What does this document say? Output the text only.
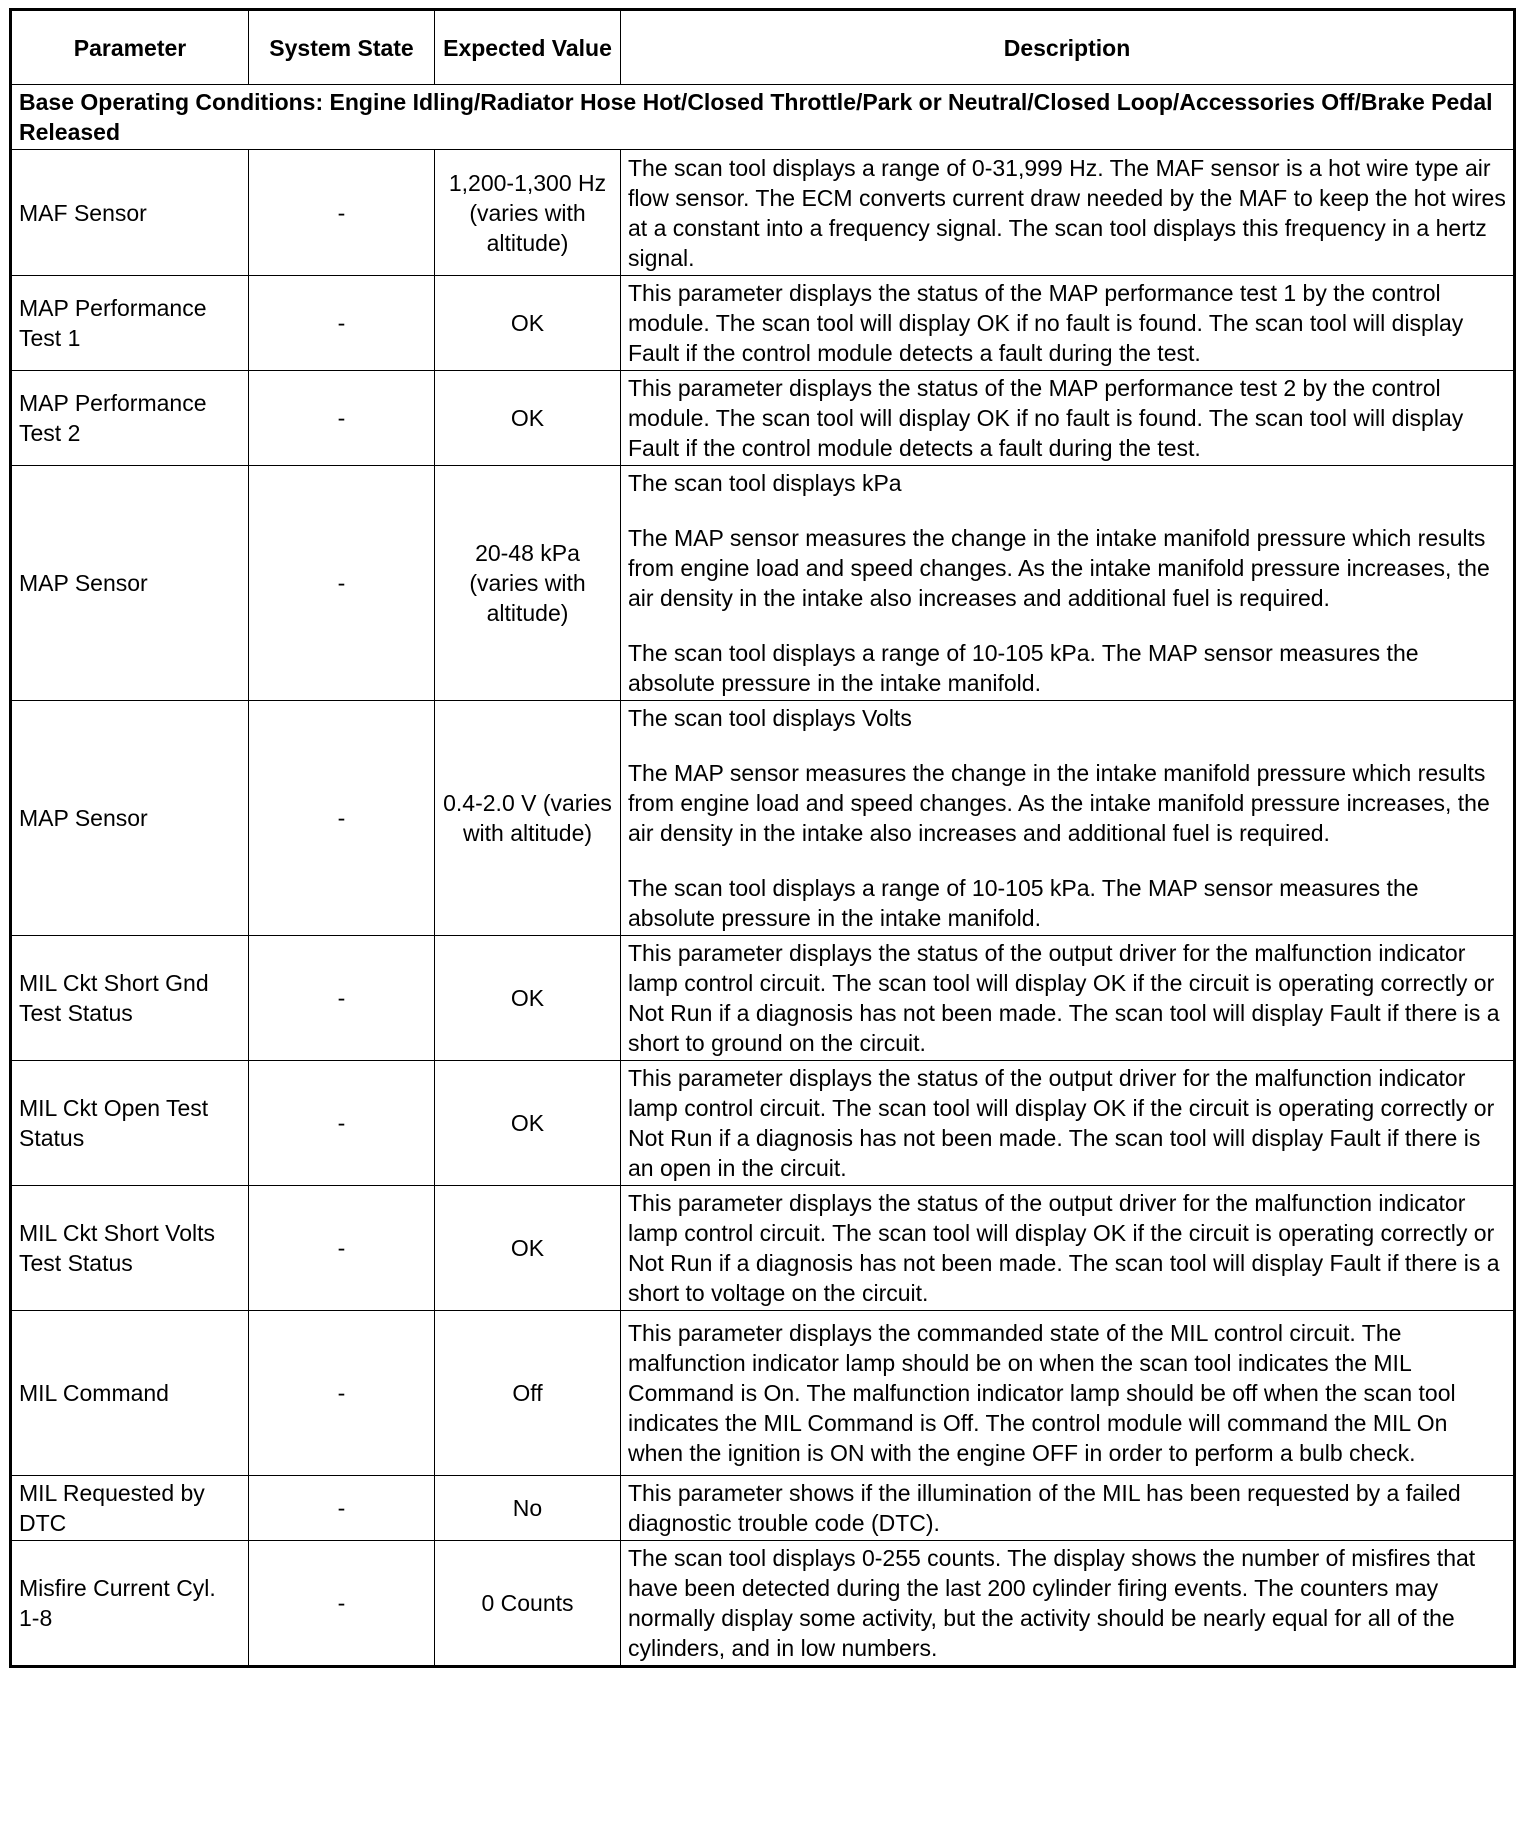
Parameter	System State	Expected Value	Description
Base Operating Conditions: Engine Idling/Radiator Hose Hot/Closed Throttle/Park or Neutral/Closed Loop/Accessories Off/Brake Pedal Released			
MAF Sensor	-	1,200-1,300 Hz (varies with altitude)	The scan tool displays a range of 0-31,999 Hz. The MAF sensor is a hot wire type air flow sensor. The ECM converts current draw needed by the MAF to keep the hot wires at a constant into a frequency signal. The scan tool displays this frequency in a hertz signal.

MAP Performance Test 1	-	OK	This parameter displays the status of the MAP performance test 1 by the control module. The scan tool will display OK if no fault is found. The scan tool will display Fault if the control module detects a fault during the test.

MAP Performance Test 2	-	OK	This parameter displays the status of the MAP performance test 2 by the control module. The scan tool will display OK if no fault is found. The scan tool will display Fault if the control module detects a fault during the test.

MAP Sensor	-	20-48 kPa (varies with altitude)	The scan tool displays kPa

The MAP sensor measures the change in the intake manifold pressure which results from engine load and speed changes. As the intake manifold pressure increases, the air density in the intake also increases and additional fuel is required.

The scan tool displays a range of 10-105 kPa. The MAP sensor measures the absolute pressure in the intake manifold.

MAP Sensor	-	0.4-2.0 V (varies with altitude)	The scan tool displays Volts

The MAP sensor measures the change in the intake manifold pressure which results from engine load and speed changes. As the intake manifold pressure increases, the air density in the intake also increases and additional fuel is required.

The scan tool displays a range of 10-105 kPa. The MAP sensor measures the absolute pressure in the intake manifold.

MIL Ckt Short Gnd Test Status	-	OK	This parameter displays the status of the output driver for the malfunction indicator lamp control circuit. The scan tool will display OK if the circuit is operating correctly or Not Run if a diagnosis has not been made. The scan tool will display Fault if there is a short to ground on the circuit.

MIL Ckt Open Test Status	-	OK	This parameter displays the status of the output driver for the malfunction indicator lamp control circuit. The scan tool will display OK if the circuit is operating correctly or Not Run if a diagnosis has not been made. The scan tool will display Fault if there is an open in the circuit.

MIL Ckt Short Volts Test Status	-	OK	This parameter displays the status of the output driver for the malfunction indicator lamp control circuit. The scan tool will display OK if the circuit is operating correctly or Not Run if a diagnosis has not been made. The scan tool will display Fault if there is a short to voltage on the circuit.

MIL Command	-	Off	This parameter displays the commanded state of the MIL control circuit. The malfunction indicator lamp should be on when the scan tool indicates the MIL Command is On. The malfunction indicator lamp should be off when the scan tool indicates the MIL Command is Off. The control module will command the MIL On when the ignition is ON with the engine OFF in order to perform a bulb check.

MIL Requested by DTC	-	No	This parameter shows if the illumination of the MIL has been requested by a failed diagnostic trouble code (DTC).

Misfire Current Cyl. 1-8	-	0 Counts	The scan tool displays 0-255 counts. The display shows the number of misfires that have been detected during the last 200 cylinder firing events. The counters may normally display some activity, but the activity should be nearly equal for all of the cylinders, and in low numbers.
